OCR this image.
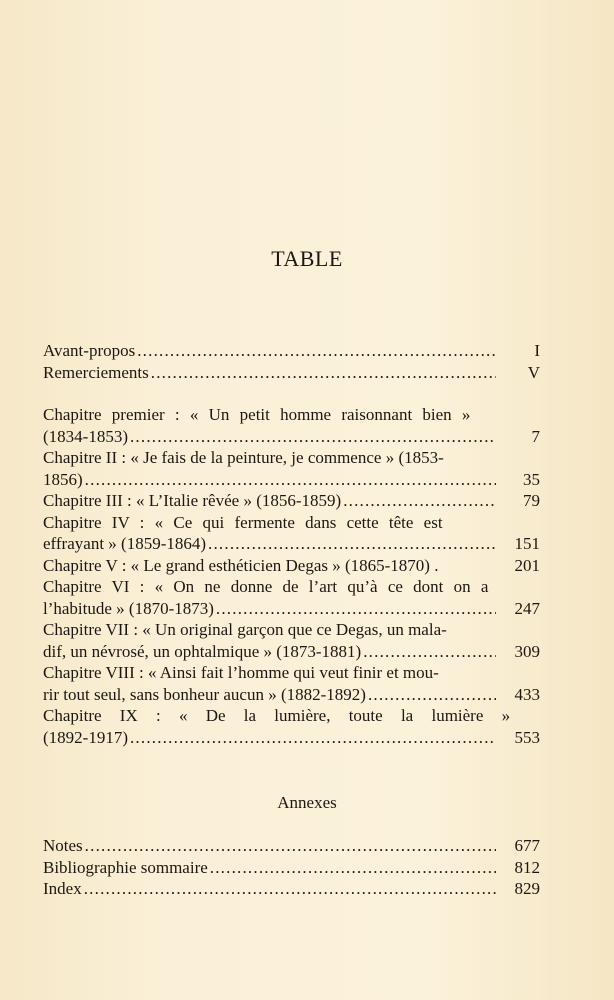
TABLE
Avant-propos .....	I
Remerciements .....	V
Chapitre premier : « Un petit homme raisonnant bien »
(1834-1853) .....	7
Chapitre II : « Je fais de la peinture, je commence » (1853-
1856) .....	35
Chapitre III : « L’Italie rêvée » (1856-1859) .....	79
Chapitre IV : « Ce qui fermente dans cette tête est
effrayant » (1859-1864) .....	151
Chapitre V : « Le grand esthéticien Degas » (1865-1870) .	201
Chapitre VI : « On ne donne de l’art qu’à ce dont on a
l’habitude » (1870-1873) .....	247
Chapitre VII : « Un original garçon que ce Degas, un mala-
dif, un névrosé, un ophtalmique » (1873-1881) .....	309
Chapitre VIII : « Ainsi fait l’homme qui veut finir et mou-
rir tout seul, sans bonheur aucun » (1882-1892) .....	433
Chapitre IX : « De la lumière, toute la lumière »
(1892-1917) .....	553
Annexes
Notes .....	677
Bibliographie sommaire .....	812
Index .....	829
